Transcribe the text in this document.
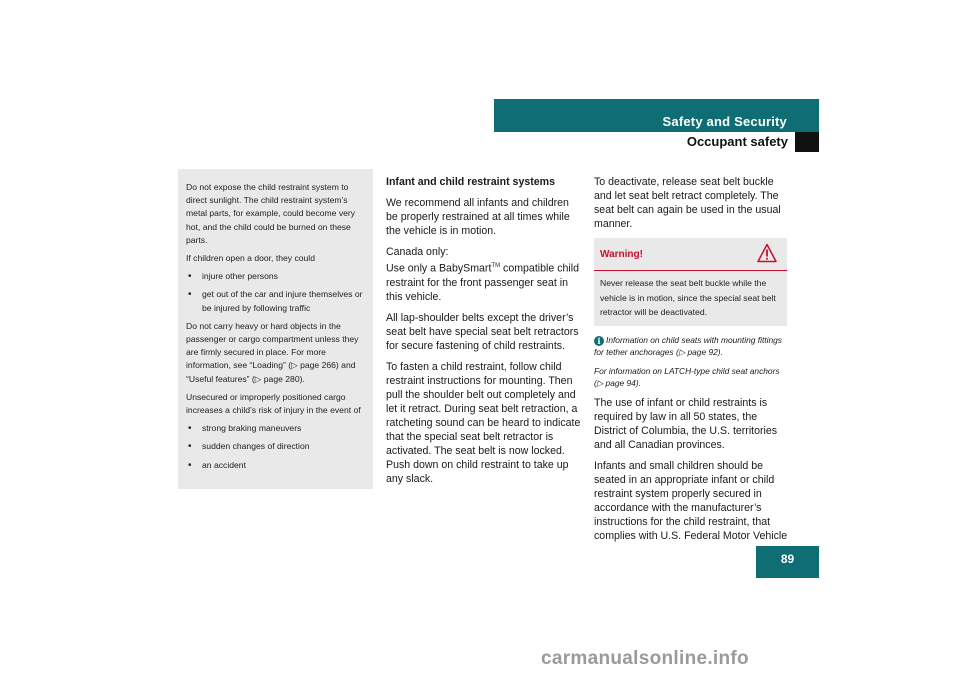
Safety and Security
Occupant safety

Do not expose the child restraint system to direct sunlight. The child restraint system’s metal parts, for example, could become very hot, and the child could be burned on these parts.

If children open a door, they could

• injure other persons
• get out of the car and injure themselves or be injured by following traffic

Do not carry heavy or hard objects in the passenger or cargo compartment unless they are firmly secured in place. For more information, see “Loading” (▷ page 266) and “Useful features” (▷ page 280).

Unsecured or improperly positioned cargo increases a child’s risk of injury in the event of

• strong braking maneuvers
• sudden changes of direction
• an accident

Infant and child restraint systems

We recommend all infants and children be properly restrained at all times while the vehicle is in motion.

Canada only:
Use only a BabySmart™ compatible child restraint for the front passenger seat in this vehicle.

All lap-shoulder belts except the driver’s seat belt have special seat belt retractors for secure fastening of child restraints.

To fasten a child restraint, follow child restraint instructions for mounting. Then pull the shoulder belt out completely and let it retract. During seat belt retraction, a ratcheting sound can be heard to indicate that the special seat belt retractor is activated. The seat belt is now locked. Push down on child restraint to take up any slack.

To deactivate, release seat belt buckle and let seat belt retract completely. The seat belt can again be used in the usual manner.

Warning!
Never release the seat belt buckle while the vehicle is in motion, since the special seat belt retractor will be deactivated.

i Information on child seats with mounting fittings for tether anchorages (▷ page 92).

For information on LATCH-type child seat anchors (▷ page 94).

The use of infant or child restraints is required by law in all 50 states, the District of Columbia, the U.S. territories and all Canadian provinces.

Infants and small children should be seated in an appropriate infant or child restraint system properly secured in accordance with the manufacturer’s instructions for the child restraint, that complies with U.S. Federal Motor Vehicle

89
carmanualsonline.info
